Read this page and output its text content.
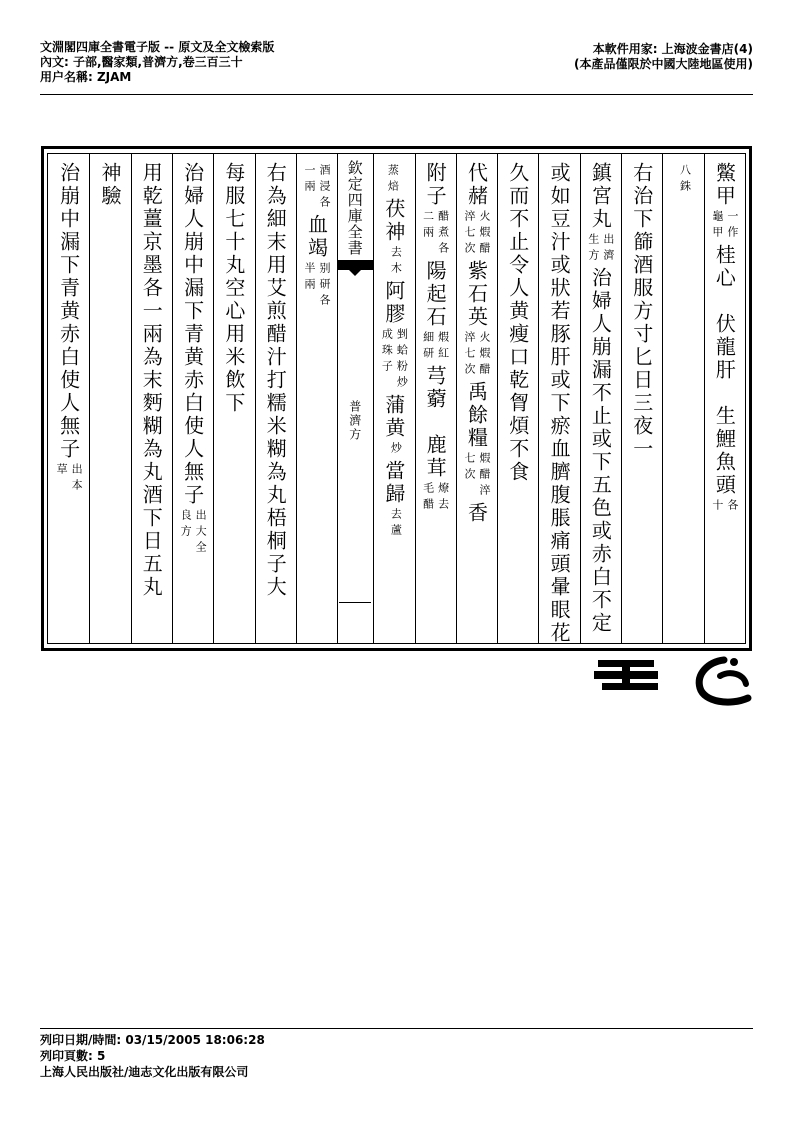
文淵閣四庫全書電子版 -- 原文及全文檢索版
內文: 子部,醫家類,普濟方,卷三百三十
用户名稱: ZJAM
本軟件用家: 上海波金書店(4)
(本產品僅限於中國大陸地區使用)
欽定四庫全書
普濟方
鱉甲
一作
龜甲
桂心　伏龍肝　生鯉魚頭
各
十
八銖
右治下篩酒服方寸匕日三夜一
鎮宮丸
出濟
生方
治婦人崩漏不止或下五色或赤白不定
或如豆汁或狀若豚肝或下瘀血臍腹脹痛頭暈眼花
久而不止令人黄瘦口乾胷煩不食
代赭
火煆醋
淬七次
紫石英
火煆醋
淬七次
禹餘糧
煆醋淬
七次
香
附子
醋煮各
二兩
陽起石
煆紅
細研
芎藭　鹿茸
燎去
毛醋
蒸焙
茯神
去木
阿膠
剉蛤粉炒
成珠子
蒲黄
炒
當歸
去蘆
酒浸各
一兩
血竭
别研各
半兩
右為細末用艾煎醋汁打糯米糊為丸梧桐子大
每服七十丸空心用米飲下
治婦人崩中漏下青黄赤白使人無子
出大全
良方
用乾薑京墨各一兩為末麪糊為丸酒下日五丸
神驗
治崩中漏下青黄赤白使人無子
出本
草
列印日期/時間: 03/15/2005 18:06:28
列印頁數: 5
上海人民出版社/迪志文化出版有限公司
